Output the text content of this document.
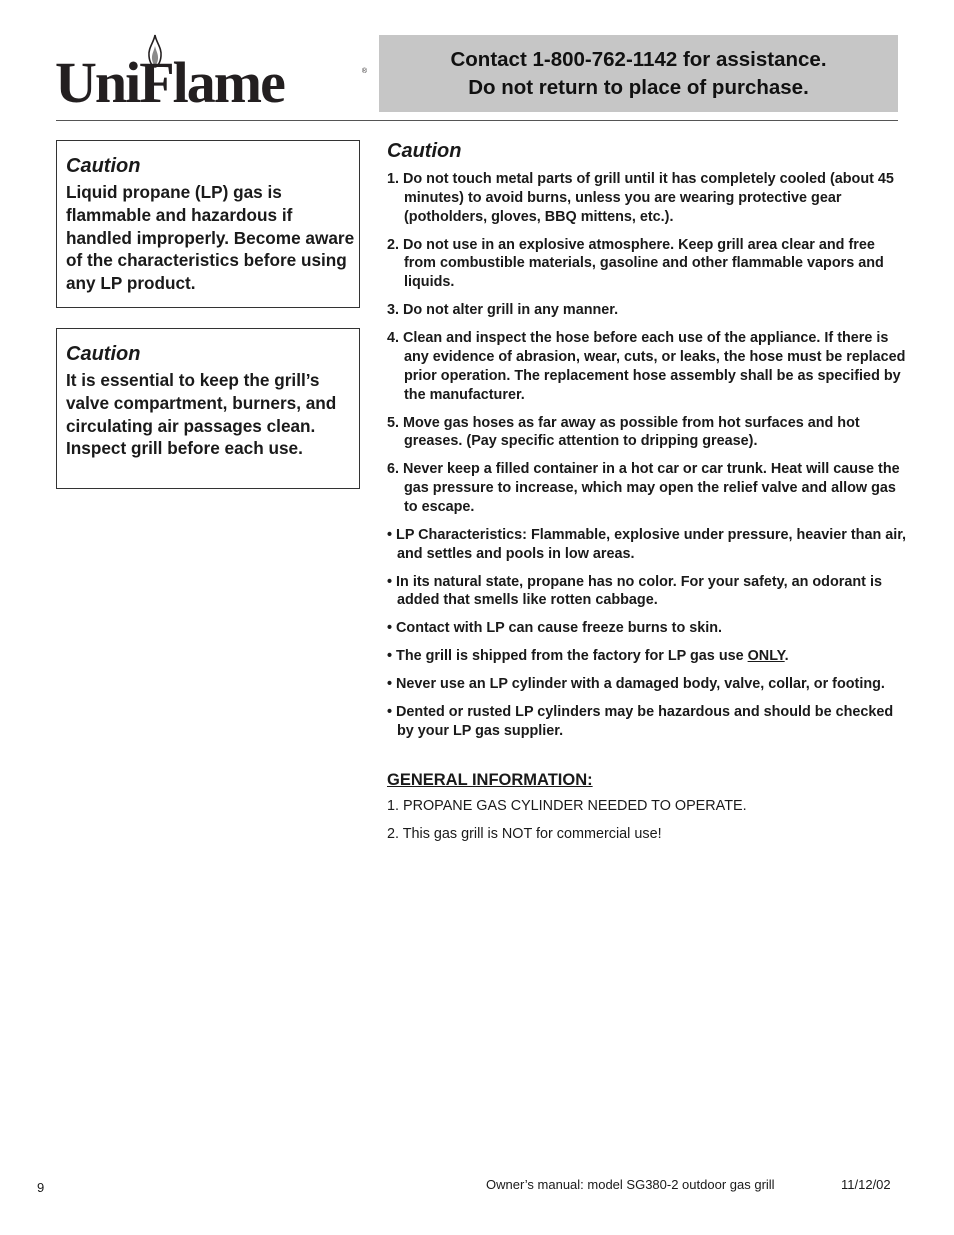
UniFlame	®
Contact 1-800-762-1142 for assistance.
Do not return to place of purchase.
Caution
Liquid propane (LP) gas is flammable and hazardous if handled improperly. Become aware of the characteristics before using any LP product.
Caution
It is essential to keep the grill’s valve compartment, burners, and circulating air passages clean. Inspect grill before each use.
Caution
1. Do not touch metal parts of grill until it has completely cooled (about 45 minutes) to avoid burns, unless you are wearing protective gear (potholders, gloves, BBQ mittens, etc.).
2. Do not use in an explosive atmosphere. Keep grill area clear and free from combustible materials, gasoline and other flammable vapors and liquids.
3. Do not alter grill in any manner.
4. Clean and inspect the hose before each use of the appliance. If there is any evidence of abrasion, wear, cuts, or leaks, the hose must be replaced prior operation. The replacement hose assembly shall be as specified by the manufacturer.
5. Move gas hoses as far away as possible from hot surfaces and hot greases. (Pay specific attention to dripping grease).
6. Never keep a filled container in a hot car or car trunk. Heat will cause the gas pressure to increase, which may open the relief valve and allow gas to escape.
• LP Characteristics: Flammable, explosive under pressure, heavier than air, and settles and pools in low areas.
• In its natural state, propane has no color. For your safety, an odorant is added that smells like rotten cabbage.
• Contact with LP can cause freeze burns to skin.
• The grill is shipped from the factory for LP gas use ONLY.
• Never use an LP cylinder with a damaged body, valve, collar, or footing.
• Dented or rusted LP cylinders may be hazardous and should be checked by your LP gas supplier.
GENERAL INFORMATION:
1. PROPANE GAS CYLINDER NEEDED TO OPERATE.
2. This gas grill is NOT for commercial use!
9	Owner’s manual: model SG380-2 outdoor gas grill	11/12/02
